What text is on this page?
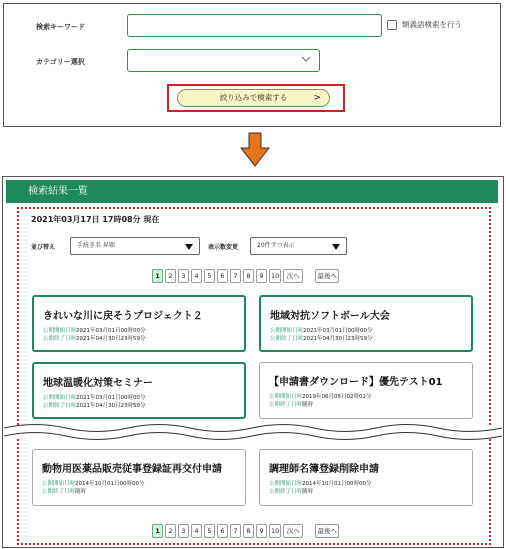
検索キーワード	類義語検索を行う
カテゴリー選択
絞り込みで検索する	>
検索結果一覧
2021年03月17日 17時08分 現在
並び替え	手続き名 昇順	表示数変更	20件ずつ表示
1	2	3	4	5	6	7	8	9	10	次へ	最後へ
きれいな川に戻そうプロジェクト２
公開開始日時2021年03月01日00時00分
公開終了日時2021年04月30日23時59分
地域対抗ソフトボール大会
公開開始日時2021年03月01日00時00分
公開終了日時2021年04月30日23時59分
地球温暖化対策セミナー
公開開始日時2021年03月01日00時00分
公開終了日時2021年04月30日23時59分
【申請書ダウンロード】優先テスト01
公開開始日時2019年06月05日02時02分
公開終了日時随時
動物用医薬品販売従事登録証再交付申請
公開開始日時2014年10月01日00時00分
公開終了日時随時
調理師名簿登録削除申請
公開開始日時2014年10月01日00時00分
公開終了日時随時
1	2	3	4	5	6	7	8	9	10	次へ	最後へ
